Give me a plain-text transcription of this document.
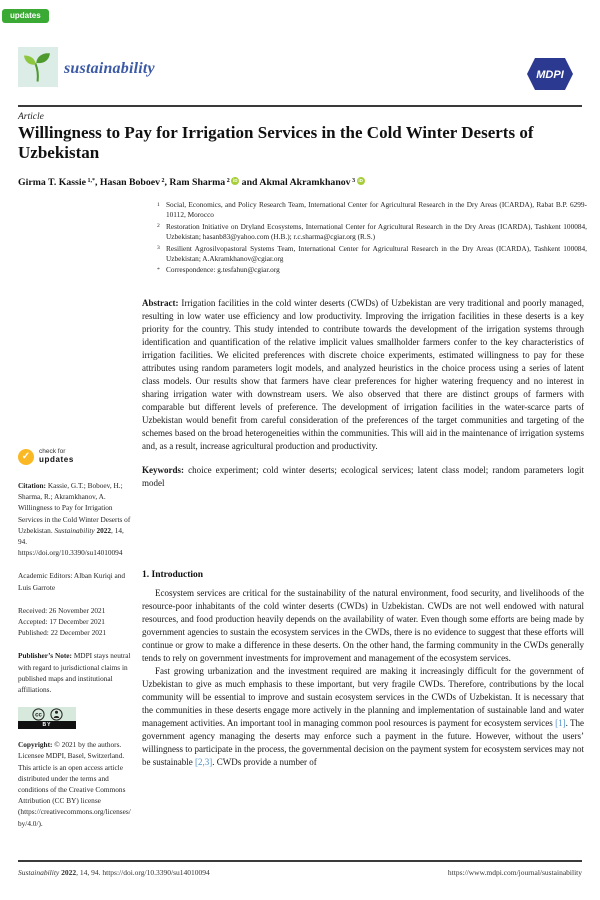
updates
sustainability	MDPI
Article
Willingness to Pay for Irrigation Services in the Cold Winter Deserts of Uzbekistan
Girma T. Kassie $^{1,*}$, Hasan Boboev $^2$, Ram Sharma $^2$ iD and Akmal Akramkhanov $^3$ iD
1 Social, Economics, and Policy Research Team, International Center for Agricultural Research in the Dry Areas (ICARDA), Rabat B.P. 6299-10112, Morocco
2 Restoration Initiative on Dryland Ecosystems, International Center for Agricultural Research in the Dry Areas (ICARDA), Tashkent 100084, Uzbekistan; hasanb83@yahoo.com (H.B.); r.c.sharma@cgiar.org (R.S.)
3 Resilient Agrosilvopastoral Systems Team, International Center for Agricultural Research in the Dry Areas (ICARDA), Tashkent 100084, Uzbekistan; A.Akramkhanov@cgiar.org
* Correspondence: g.tesfahun@cgiar.org
Abstract: Irrigation facilities in the cold winter deserts (CWDs) of Uzbekistan are very traditional and poorly managed, resulting in low water use efficiency and low productivity. Improving the irrigation facilities in these deserts is a key priority for the country. This study intended to contribute towards the development of the irrigation systems through identification and quantification of the relative implicit values smallholder farmers confer to the key characteristics of irrigation facilities. We elicited preferences with discrete choice experiments, estimated willingness to pay for these attributes using random parameters logit models, and analyzed heuristics in the choice process using a series of latent class models. Our results show that farmers have clear preferences for higher watering frequency and no interest in sharing irrigation water with downstream users. We also observed that there are distinct groups of farmers with comparable but different levels of preference. The development of irrigation facilities in the water-scarce parts of Uzbekistan would benefit from careful consideration of the preferences of the target communities and targeting of the schemes based on the broad heterogeneities within the communities. This will aid in the maintenance of irrigation systems and, as a result, increase agricultural production and productivity.
Keywords: choice experiment; cold winter deserts; ecological services; latent class model; random parameters logit model
✓	check for
updates
Citation: Kassie, G.T.; Boboev, H.; Sharma, R.; Akramkhanov, A. Willingness to Pay for Irrigation Services in the Cold Winter Deserts of Uzbekistan. Sustainability 2022, 14, 94. https://doi.org/10.3390/su14010094
Academic Editors: Alban Kuriqi and Luis Garrote
Received: 26 November 2021
Accepted: 17 December 2021
Published: 22 December 2021
Publisher’s Note: MDPI stays neutral with regard to jurisdictional claims in published maps and institutional affiliations.
cc
BY
Copyright: © 2021 by the authors. Licensee MDPI, Basel, Switzerland. This article is an open access article distributed under the terms and conditions of the Creative Commons Attribution (CC BY) license (https://creativecommons.org/licenses/by/4.0/).
1. Introduction

Ecosystem services are critical for the sustainability of the natural environment, food security, and livelihoods of the resource-poor inhabitants of the cold winter deserts (CWDs) in Uzbekistan. CWDs are not well endowed with natural resources, and food production heavily depends on the availability of water. Even though some efforts are being made by government agencies to sustain the ecosystem services in the CWDs, there is no evidence to suggest that these efforts will continue or grow to make a difference in these deserts. On the other hand, the farming community in the CWDs generally tends to rely on government investments for improvement and management of the ecosystem services.

Fast growing urbanization and the investment required are making it increasingly difficult for the government of Uzbekistan to give as much emphasis to these important, but very fragile CWDs. Therefore, contributions by the local community will be essential to improve and sustain ecosystem services in the CWDs of Uzbekistan. It is necessary that the communities in these deserts engage more actively in the planning and implementation of sustainable land and water management activities. An important tool in managing common pool resources is payment for ecosystem services [1]. The government agency managing the deserts may enforce such a payment in the future. However, without the users’ willingness to participate in the process, the governmental decision on the payment system for ecosystem services may not be sustainable [2,3]. CWDs provide a number of

Sustainability 2022, 14, 94. https://doi.org/10.3390/su14010094	https://www.mdpi.com/journal/sustainability
